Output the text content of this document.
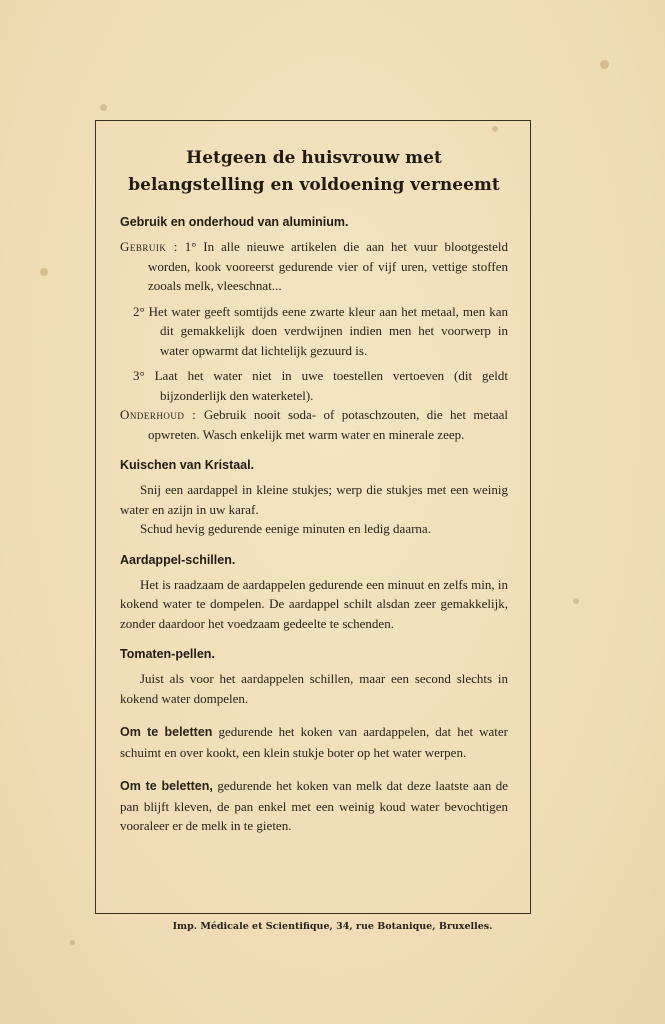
Hetgeen de huisvrouw met
belangstelling en voldoening verneemt
Gebruik en onderhoud van aluminium.

Gebruik : 1° In alle nieuwe artikelen die aan het vuur blootgesteld worden, kook vooreerst gedurende vier of vijf uren, vettige stoffen zooals melk, vleeschnat...

2° Het water geeft somtijds eene zwarte kleur aan het metaal, men kan dit gemakkelijk doen verdwijnen indien men het voorwerp in water opwarmt dat lichtelijk gezuurd is.

3° Laat het water niet in uwe toestellen vertoeven (dit geldt bijzonderlijk den waterketel).

Onderhoud : Gebruik nooit soda- of potaschzouten, die het metaal opwreten. Wasch enkelijk met warm water en minerale zeep.

Kuischen van Kristaal.

Snij een aardappel in kleine stukjes; werp die stukjes met een weinig water en azijn in uw karaf.

Schud hevig gedurende eenige minuten en ledig daarna.

Aardappel-schillen.

Het is raadzaam de aardappelen gedurende een minuut en zelfs min, in kokend water te dompelen. De aardappel schilt alsdan zeer gemakkelijk, zonder daardoor het voedzaam gedeelte te schenden.

Tomaten-pellen.

Juist als voor het aardappelen schillen, maar een second slechts in kokend water dompelen.

Om te beletten gedurende het koken van aardappelen, dat het water schuimt en over kookt, een klein stukje boter op het water werpen.

Om te beletten, gedurende het koken van melk dat deze laatste aan de pan blijft kleven, de pan enkel met een weinig koud water bevochtigen vooraleer er de melk in te gieten.

Imp. Médicale et Scientifique, 34, rue Botanique, Bruxelles.
